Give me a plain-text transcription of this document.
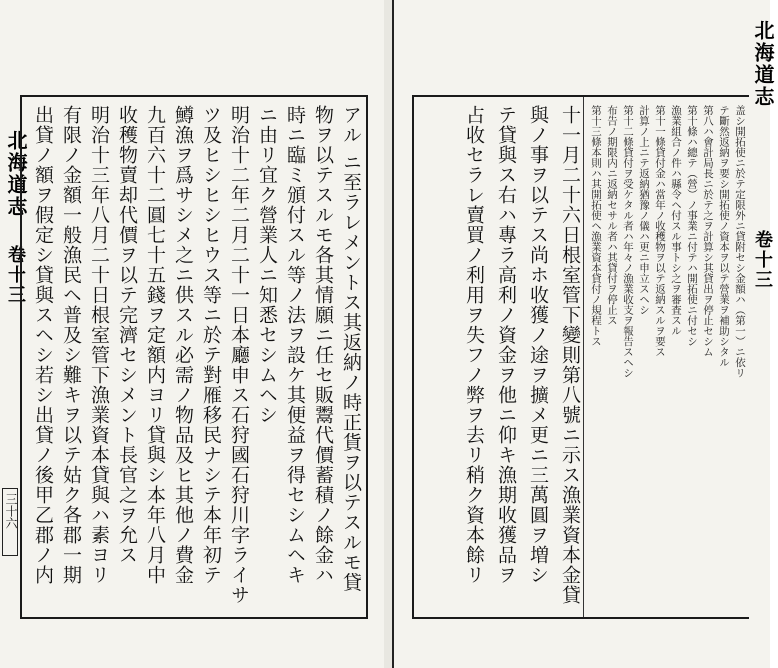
北海道志
卷十三
三十六	アル ニ至ラレメントス其返納ノ時正貨ヲ以テスルモ貸
物ヲ以テスルモ各其情願ニ任セ販鬻代價蓄積ノ餘金ハ
時ニ臨ミ頒付スル等ノ法ヲ設ケ其便益ヲ得セシムヘキ
ニ由リ宜ク營業人ニ知悉セシムヘシ
明治十二年二月二十一日本廳申ス石狩國石狩川字ライサ
ツ及ヒシヒシヒウス等ニ於テ對雁移民ナシテ本年初テ
鱒漁ヲ爲サシメ之ニ供スル必需ノ物品及ヒ其他ノ費金
九百六十二圓七十五錢ヲ定額内ヨリ貸與シ本年八月中
收穫物賣却代價ヲ以テ完濟セシメント長官之ヲ允ス
明治十三年八月二十日根室管下漁業資本貸與ハ素ヨリ
有限ノ金額一般漁民ヘ普及シ難キヲ以テ姑ク各郡一期
出貸ノ額ヲ假定シ貸與スヘシ若シ出貸ノ後甲乙郡ノ内
北海道志
卷十三
盖シ開拓使ニ於テ定限外ニ貸附セシ金額ハ（第一）ニ依リ
テ斷然返納ヲ要シ開拓使ノ資本ヲ以テ營業ヲ補助シタル
第八ハ會計局長ニ於テ之ヲ計算シ其貸出ヲ停止セシム
第十條ハ總テ（營）ノ事業ニ付テハ開拓使ニ付セシ
漁業組合ノ件ハ縣令ヘ付スル事トシ之ヲ審査スル
第十一條貸付金ハ當年ノ收穫物ヲ以テ返納スルヲ要ス
計算ノ上ニテ返納猶豫ノ儀ハ更ニ申立スヘシ
第十二條貸付ヲ受ケタル者ハ年々ノ漁業收支ヲ報告スヘシ
布告ノ期限内ニ返納セサル者ハ其貸付ヲ停止ス
第十三條本則ハ其開拓使ヘ漁業資本貸付ノ規程トス
十一月二十六日根室管下變則第八號ニ示ス漁業資本金貸
與ノ事ヲ以テス尚ホ收獲ノ途ヲ擴メ更ニ三萬圓ヲ増シ
テ貸與ス右ハ專ラ高利ノ資金ヲ他ニ仰キ漁期收獲品ヲ
占收セラレ賣買ノ利用ヲ失フノ弊ヲ去リ稍ク資本餘リ
